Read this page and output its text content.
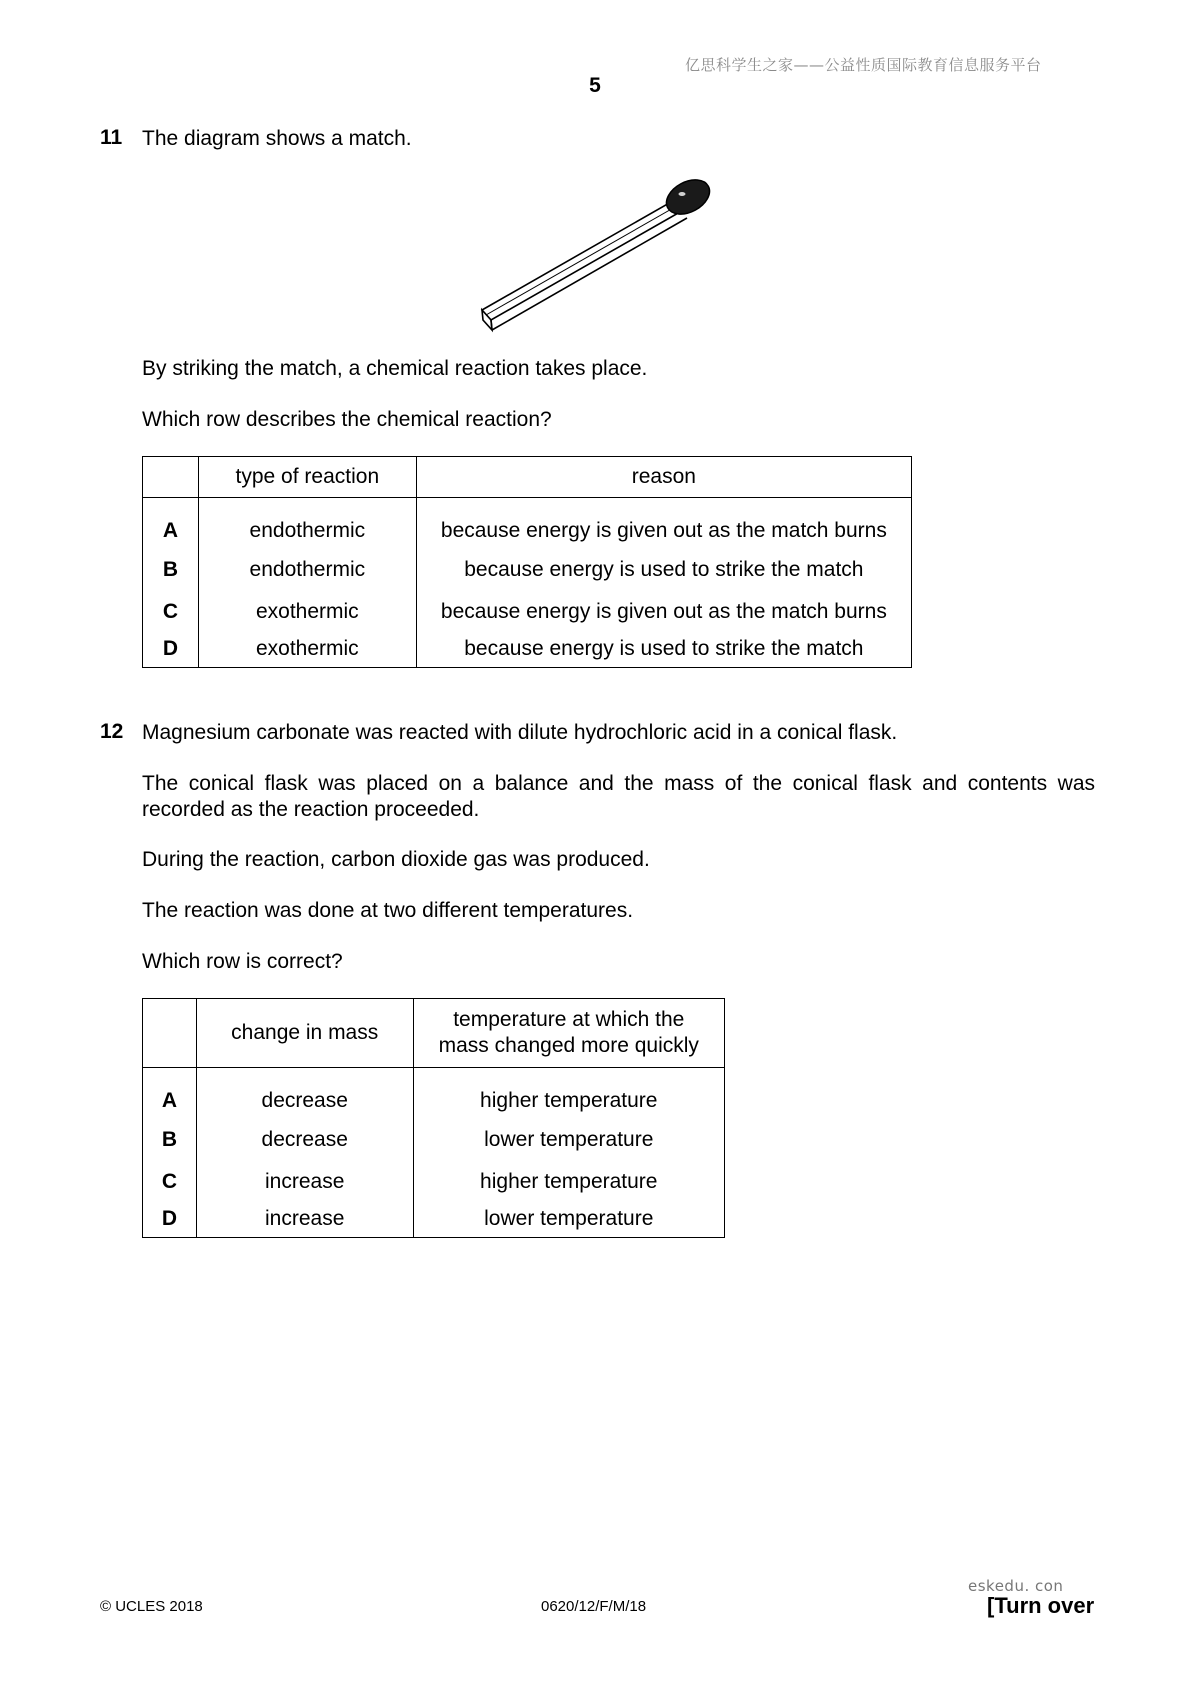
亿思科学生之家——公益性质国际教育信息服务平台
5
11 The diagram shows a match.
By striking the match, a chemical reaction takes place.
Which row describes the chemical reaction?
	type of reaction	reason
A	endothermic	because energy is given out as the match burns
B	endothermic	because energy is used to strike the match
C	exothermic	because energy is given out as the match burns
D	exothermic	because energy is used to strike the match
12 Magnesium carbonate was reacted with dilute hydrochloric acid in a conical flask.
The conical flask was placed on a balance and the mass of the conical flask and contents was recorded as the reaction proceeded.
During the reaction, carbon dioxide gas was produced.
The reaction was done at two different temperatures.
Which row is correct?
	change in mass	temperature at which the
mass changed more quickly

A	decrease	higher temperature
B	decrease	lower temperature
C	increase	higher temperature
D	increase	lower temperature
eskedu. con
© UCLES 2018	0620/12/F/M/18	[Turn over
